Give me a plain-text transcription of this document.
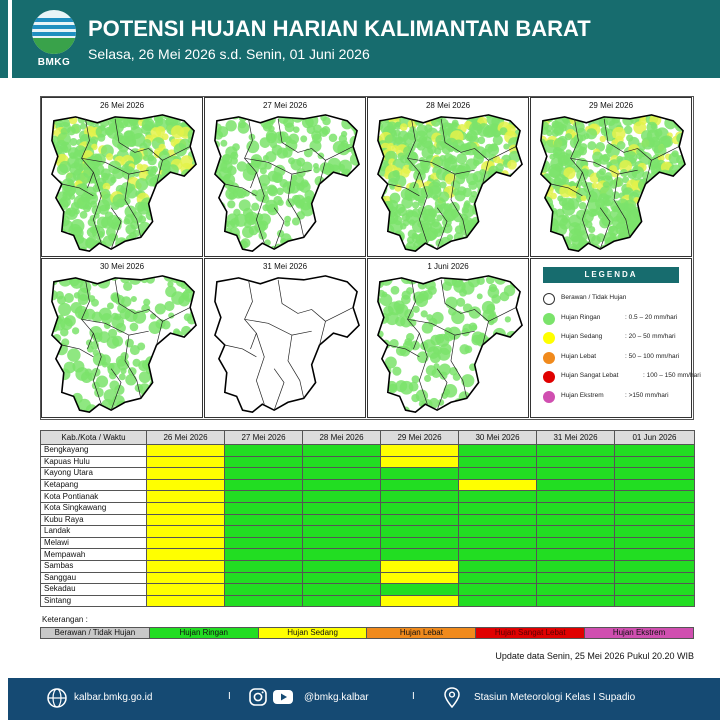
BMKG
POTENSI HUJAN HARIAN KALIMANTAN BARAT
Selasa, 26 Mei 2026 s.d. Senin, 01 Juni 2026
26 Mei 2026	27 Mei 2026	28 Mei 2026	29 Mei 2026
30 Mei 2026	31 Mei 2026	1 Juni 2026
LEGENDA
Berawan / Tidak Hujan
Hujan Ringan	: 0.5 – 20 mm/hari
Hujan Sedang	: 20 – 50 mm/hari
Hujan Lebat	: 50 – 100 mm/hari
Hujan Sangat Lebat	: 100 – 150 mm/hari
Hujan Ekstrem	: >150 mm/hari
Kab./Kota / Waktu	26 Mei 2026	27 Mei 2026	28 Mei 2026	29 Mei 2026	30 Mei 2026	31 Mei 2026	01 Jun 2026
Bengkayang							
Kapuas Hulu							
Kayong Utara							
Ketapang							
Kota Pontianak							
Kota Singkawang							
Kubu Raya							
Landak							
Melawi							
Mempawah							
Sambas							
Sanggau							
Sekadau							
Sintang							
Keterangan :
Berawan / Tidak Hujan	Hujan Ringan	Hujan Sedang	Hujan Lebat	Hujan Sangat Lebat	Hujan Ekstrem
Update data Senin, 25 Mei 2026 Pukul 20.20 WIB
kalbar.bmkg.go.id	I	@bmkg.kalbar	I	Stasiun Meteorologi Kelas I Supadio
